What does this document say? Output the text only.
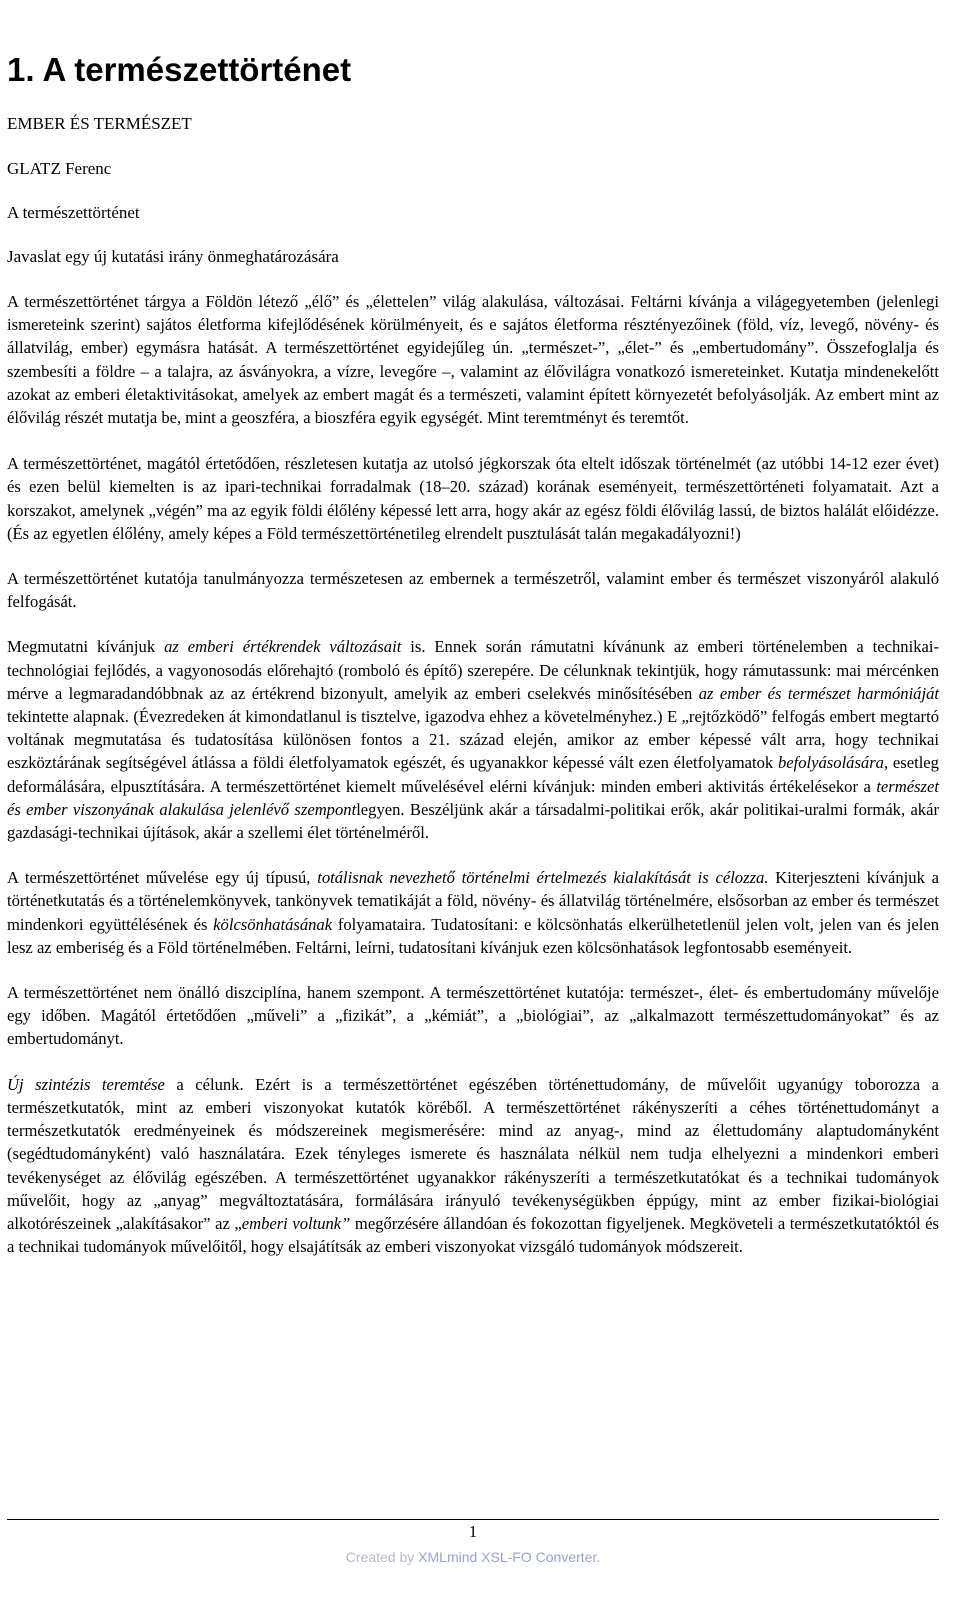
1. A természettörténet
EMBER ÉS TERMÉSZET
GLATZ Ferenc
A természettörténet
Javaslat egy új kutatási irány önmeghatározására

A természettörténet tárgya a Földön létező „élő” és „élettelen” világ alakulása, változásai. Feltárni kívánja a világegyetemben (jelenlegi ismereteink szerint) sajátos életforma kifejlődésének körülményeit, és e sajátos életforma résztényezőinek (föld, víz, levegő, növény- és állatvilág, ember) egymásra hatását. A természettörténet egyidejűleg ún. „természet-”, „élet-” és „embertudomány”. Összefoglalja és szembesíti a földre – a talajra, az ásványokra, a vízre, levegőre –, valamint az élővilágra vonatkozó ismereteinket. Kutatja mindenekelőtt azokat az emberi életaktivitásokat, amelyek az embert magát és a természeti, valamint épített környezetét befolyásolják. Az embert mint az élővilág részét mutatja be, mint a geoszféra, a bioszféra egyik egységét. Mint teremtményt és teremtőt.

A természettörténet, magától értetődően, részletesen kutatja az utolsó jégkorszak óta eltelt időszak történelmét (az utóbbi 14-12 ezer évet) és ezen belül kiemelten is az ipari-technikai forradalmak (18–20. század) korának eseményeit, természettörténeti folyamatait. Azt a korszakot, amelynek „végén” ma az egyik földi élőlény képessé lett arra, hogy akár az egész földi élővilág lassú, de biztos halálát előidézze. (És az egyetlen élőlény, amely képes a Föld természettörténetileg elrendelt pusztulását talán megakadályozni!)

A természettörténet kutatója tanulmányozza természetesen az embernek a természetről, valamint ember és természet viszonyáról alakuló felfogását.

Megmutatni kívánjuk az emberi értékrendek változásait is. Ennek során rámutatni kívánunk az emberi történelemben a technikai-technológiai fejlődés, a vagyonosodás előrehajtó (romboló és építő) szerepére. De célunknak tekintjük, hogy rámutassunk: mai mércénken mérve a legmaradandóbbnak az az értékrend bizonyult, amelyik az emberi cselekvés minősítésében az ember és természet harmóniáját tekintette alapnak. (Évezredeken át kimondatlanul is tisztelve, igazodva ehhez a követelményhez.) E „rejtőzködő” felfogás embert megtartó voltának megmutatása és tudatosítása különösen fontos a 21. század elején, amikor az ember képessé vált arra, hogy technikai eszköztárának segítségével átlássa a földi életfolyamatok egészét, és ugyanakkor képessé vált ezen életfolyamatok befolyásolására, esetleg deformálására, elpusztítására. A természettörténet kiemelt művelésével elérni kívánjuk: minden emberi aktivitás értékelésekor a természet és ember viszonyának alakulása jelenlévő szempontlegyen. Beszéljünk akár a társadalmi-politikai erők, akár politikai-uralmi formák, akár gazdasági-technikai újítások, akár a szellemi élet történelméről.

A természettörténet művelése egy új típusú, totálisnak nevezhető történelmi értelmezés kialakítását is célozza. Kiterjeszteni kívánjuk a történetkutatás és a történelemkönyvek, tankönyvek tematikáját a föld, növény- és állatvilág történelmére, elsősorban az ember és természet mindenkori együttélésének és kölcsönhatásának folyamataira. Tudatosítani: e kölcsönhatás elkerülhetetlenül jelen volt, jelen van és jelen lesz az emberiség és a Föld történelmében. Feltárni, leírni, tudatosítani kívánjuk ezen kölcsönhatások legfontosabb eseményeit.

A természettörténet nem önálló diszciplína, hanem szempont. A természettörténet kutatója: természet-, élet- és embertudomány művelője egy időben. Magától értetődően „műveli” a „fizikát”, a „kémiát”, a „biológiai”, az „alkalmazott természettudományokat” és az embertudományt.

Új szintézis teremtése a célunk. Ezért is a természettörténet egészében történettudomány, de művelőit ugyanúgy toborozza a természetkutatók, mint az emberi viszonyokat kutatók köréből. A természettörténet rákényszeríti a céhes történettudományt a természetkutatók eredményeinek és módszereinek megismerésére: mind az anyag-, mind az élettudomány alaptudományként (segédtudományként) való használatára. Ezek tényleges ismerete és használata nélkül nem tudja elhelyezni a mindenkori emberi tevékenységet az élővilág egészében. A természettörténet ugyanakkor rákényszeríti a természetkutatókat és a technikai tudományok művelőit, hogy az „anyag” megváltoztatására, formálására irányuló tevékenységükben éppúgy, mint az ember fizikai-biológiai alkotórészeinek „alakításakor” az „emberi voltunk” megőrzésére állandóan és fokozottan figyeljenek. Megköveteli a természetkutatóktól és a technikai tudományok művelőitől, hogy elsajátítsák az emberi viszonyokat vizsgáló tudományok módszereit.

1
Created by XMLmind XSL-FO Converter.
